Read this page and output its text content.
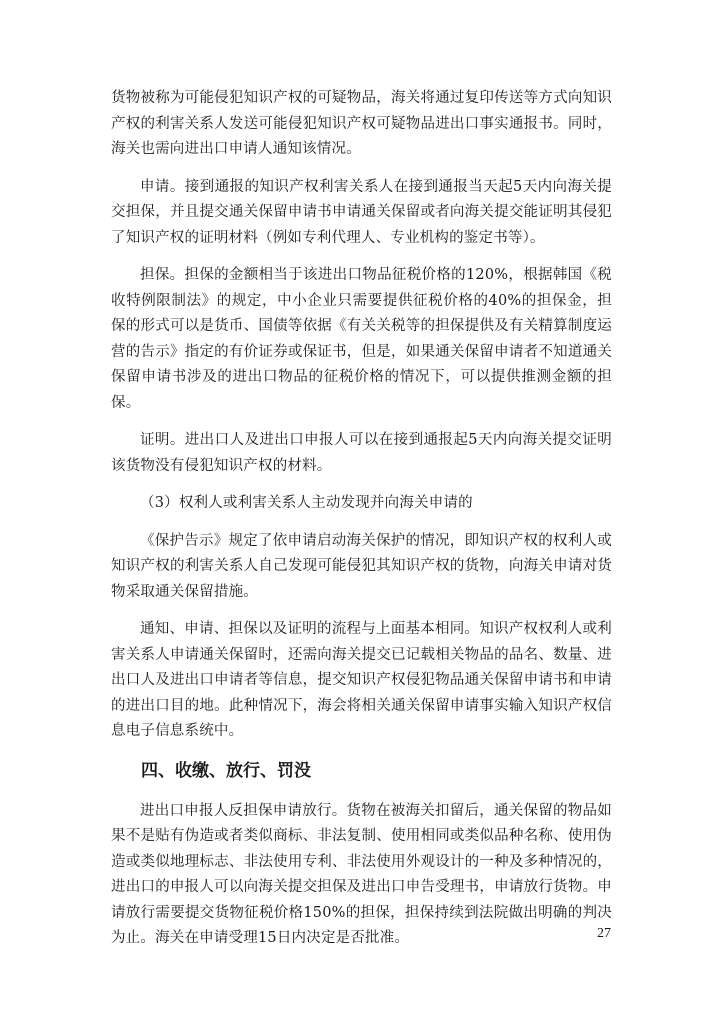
货物被称为可能侵犯知识产权的可疑物品，海关将通过复印传送等方式向知识产权的利害关系人发送可能侵犯知识产权可疑物品进出口事实通报书。同时，海关也需向进出口申请人通知该情况。

申请。接到通报的知识产权利害关系人在接到通报当天起5天内向海关提交担保，并且提交通关保留申请书申请通关保留或者向海关提交能证明其侵犯了知识产权的证明材料（例如专利代理人、专业机构的鉴定书等）。

担保。担保的金额相当于该进出口物品征税价格的120%，根据韩国《税收特例限制法》的规定，中小企业只需要提供征税价格的40%的担保金，担保的形式可以是货币、国债等依据《有关关税等的担保提供及有关精算制度运营的告示》指定的有价证券或保证书，但是，如果通关保留申请者不知道通关保留申请书涉及的进出口物品的征税价格的情况下，可以提供推测金额的担保。

证明。进出口人及进出口申报人可以在接到通报起5天内向海关提交证明该货物没有侵犯知识产权的材料。

（3）权利人或利害关系人主动发现并向海关申请的

《保护告示》规定了依申请启动海关保护的情况，即知识产权的权利人或知识产权的利害关系人自己发现可能侵犯其知识产权的货物，向海关申请对货物采取通关保留措施。

通知、申请、担保以及证明的流程与上面基本相同。知识产权权利人或利害关系人申请通关保留时，还需向海关提交已记载相关物品的品名、数量、进出口人及进出口申请者等信息，提交知识产权侵犯物品通关保留申请书和申请的进出口目的地。此种情况下，海会将相关通关保留申请事实输入知识产权信息电子信息系统中。

四、收缴、放行、罚没

进出口申报人反担保申请放行。货物在被海关扣留后，通关保留的物品如果不是贴有伪造或者类似商标、非法复制、使用相同或类似品种名称、使用伪造或类似地理标志、非法使用专利、非法使用外观设计的一种及多种情况的，进出口的申报人可以向海关提交担保及进出口申告受理书，申请放行货物。申请放行需要提交货物征税价格150%的担保，担保持续到法院做出明确的判决为止。海关在申请受理15日内决定是否批准。	27
